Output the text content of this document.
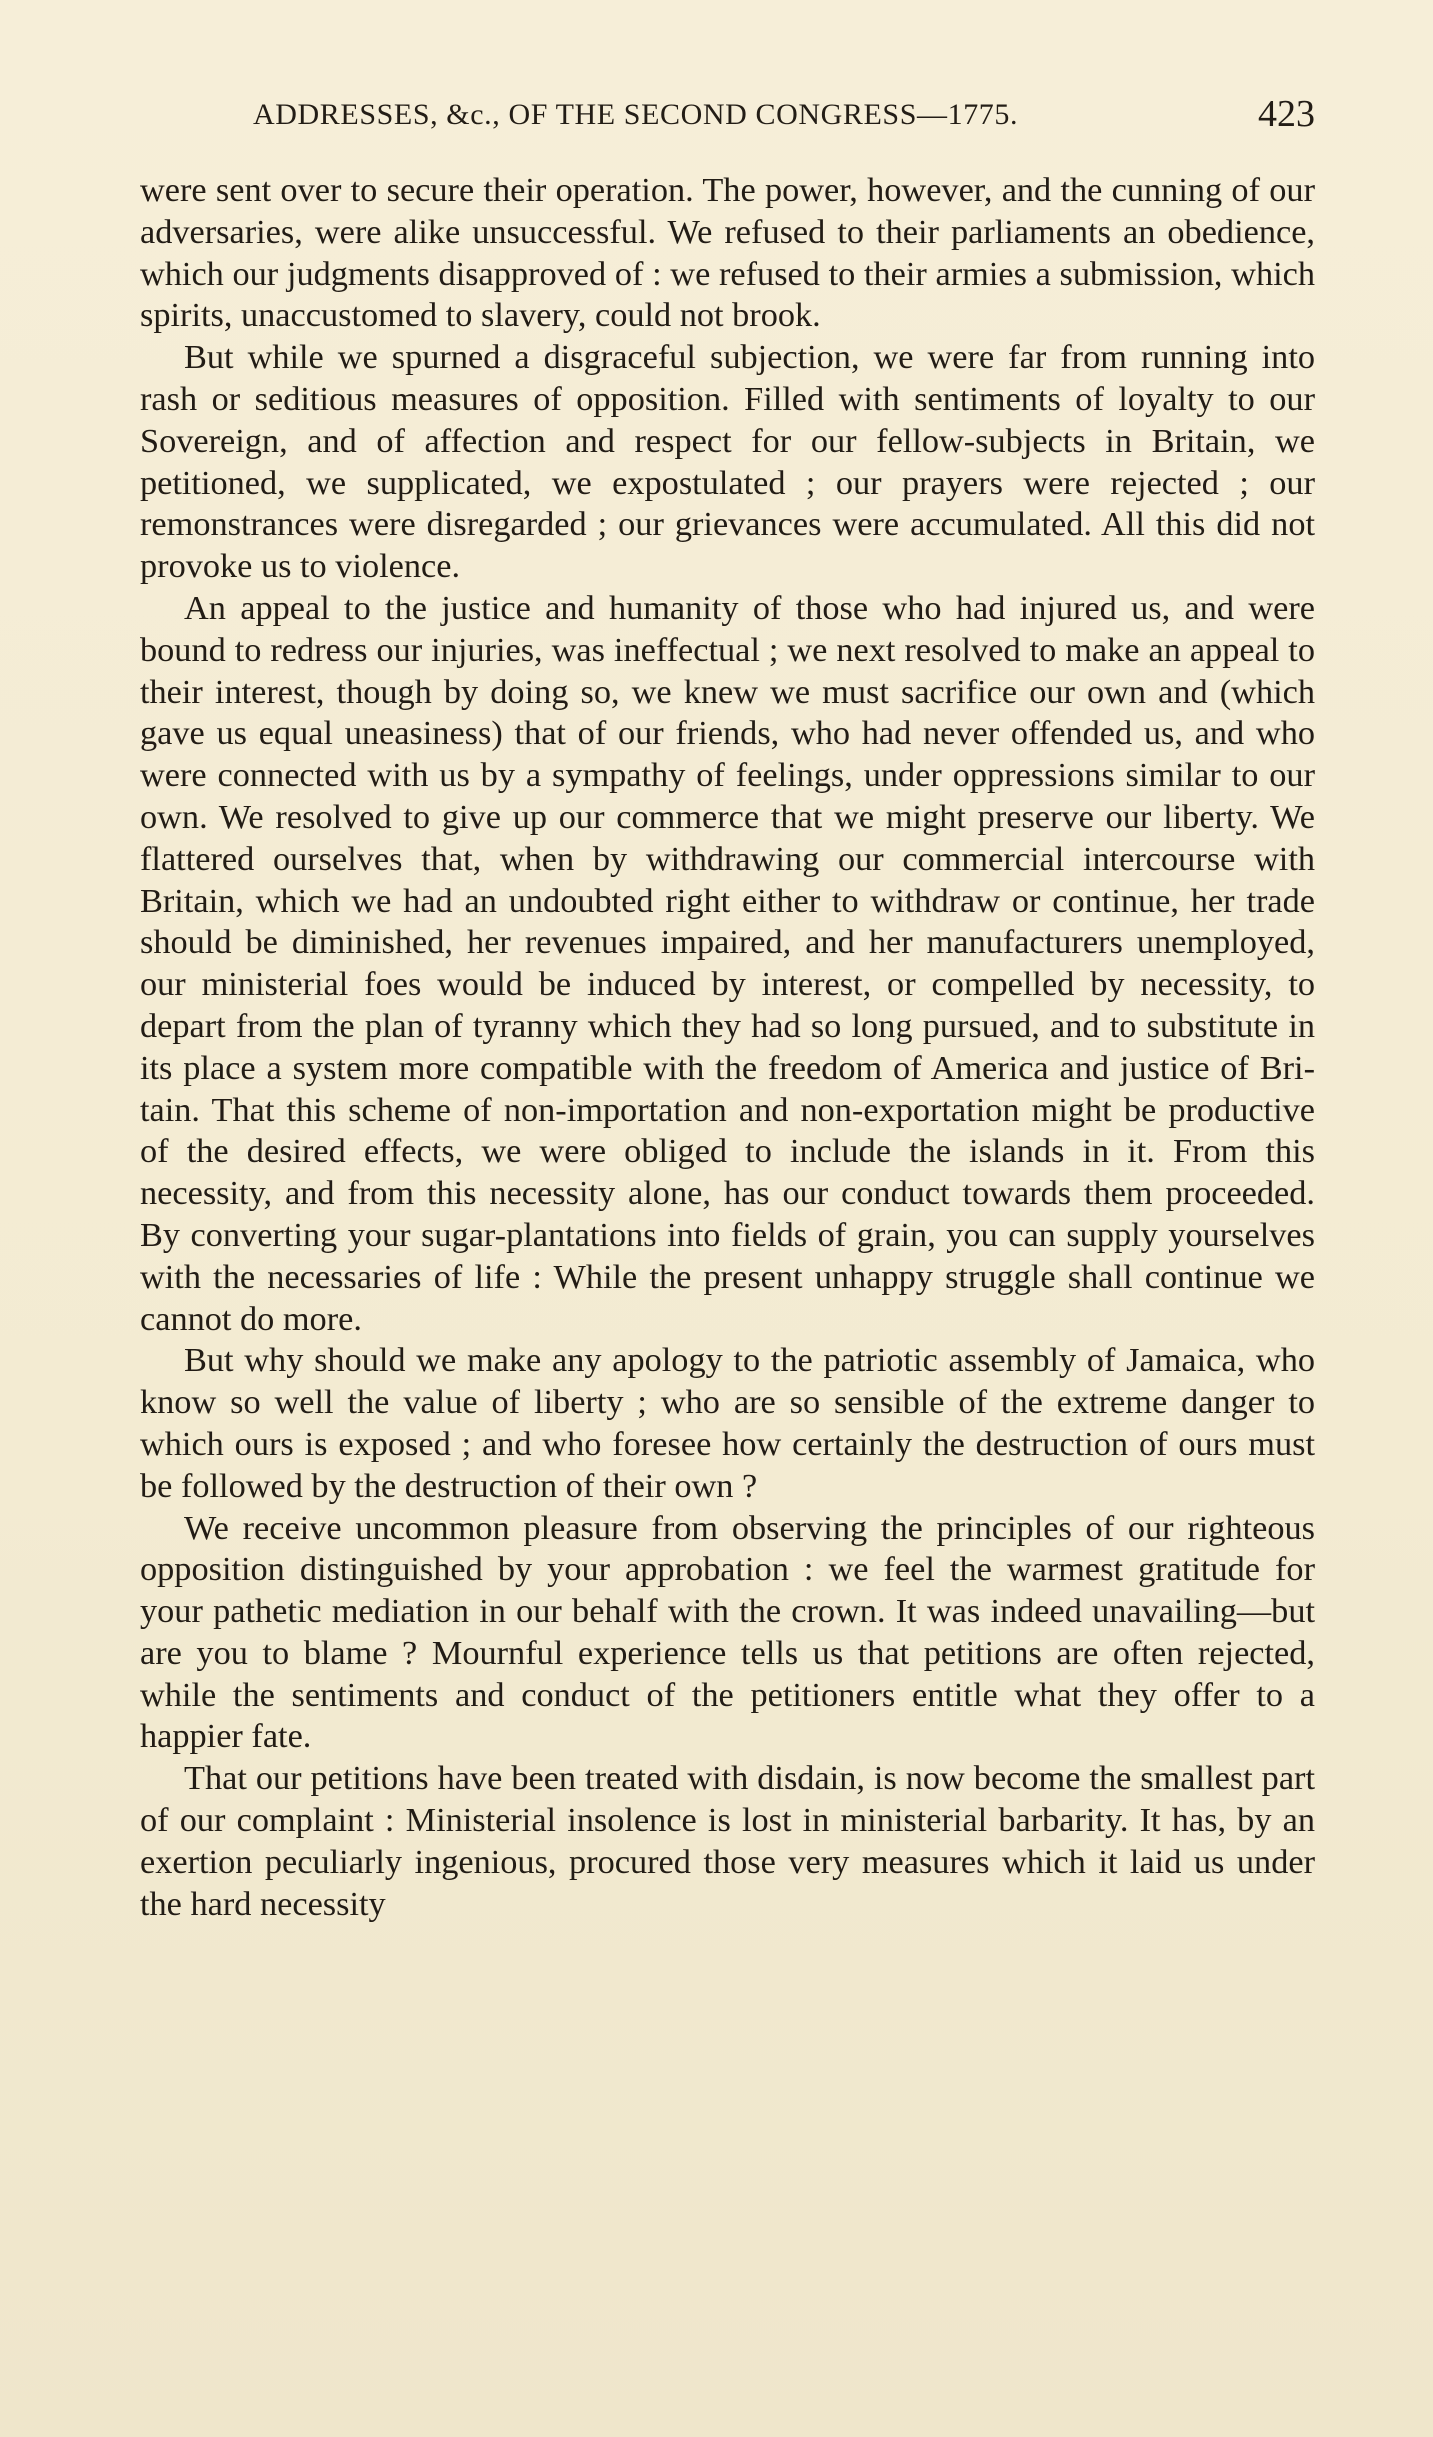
ADDRESSES, &c., OF THE SECOND CONGRESS—1775.	423

were sent over to secure their operation. The power, however, and the cunning of our adversaries, were alike unsuccessful. We refused to their parliaments an obedience, which our judgments disapproved of : we refused to their armies a submission, which spirits, unaccustomed to slavery, could not brook.

But while we spurned a disgraceful subjection, we were far from running into rash or seditious measures of opposition. Filled with sentiments of loyalty to our Sovereign, and of affection and respect for our fellow-subjects in Britain, we petitioned, we supplicated, we expostulated ; our prayers were rejected ; our remonstrances were disregarded ; our grievances were accumulated. All this did not provoke us to violence.

An appeal to the justice and humanity of those who had injured us, and were bound to redress our injuries, was ineffectual ; we next resolved to make an appeal to their interest, though by doing so, we knew we must sacrifice our own and (which gave us equal uneasiness) that of our friends, who had never offended us, and who were connected with us by a sympathy of feelings, under oppressions similar to our own. We resolved to give up our commerce that we might preserve our liberty. We flattered ourselves that, when by withdrawing our commercial intercourse with Britain, which we had an undoubted right either to withdraw or continue, her trade should be diminished, her revenues impaired, and her manufacturers unemployed, our ministerial foes would be induced by interest, or compelled by necessity, to depart from the plan of tyranny which they had so long pursued, and to substitute in its place a system more compatible with the freedom of America and justice of Britain. That this scheme of non-importation and non-exportation might be productive of the desired effects, we were obliged to include the islands in it. From this necessity, and from this necessity alone, has our conduct towards them proceeded. By converting your sugar-plantations into fields of grain, you can supply yourselves with the necessaries of life : While the present unhappy struggle shall continue we cannot do more.

But why should we make any apology to the patriotic assembly of Jamaica, who know so well the value of liberty ; who are so sensible of the extreme danger to which ours is exposed ; and who foresee how certainly the destruction of ours must be followed by the destruction of their own ?

We receive uncommon pleasure from observing the principles of our righteous opposition distinguished by your approbation : we feel the warmest gratitude for your pathetic mediation in our behalf with the crown. It was indeed unavailing—but are you to blame ? Mournful experience tells us that petitions are often rejected, while the sentiments and conduct of the petitioners entitle what they offer to a happier fate.

That our petitions have been treated with disdain, is now become the smallest part of our complaint : Ministerial insolence is lost in ministerial barbarity. It has, by an exertion peculiarly ingenious, procured those very measures which it laid us under the hard necessity
